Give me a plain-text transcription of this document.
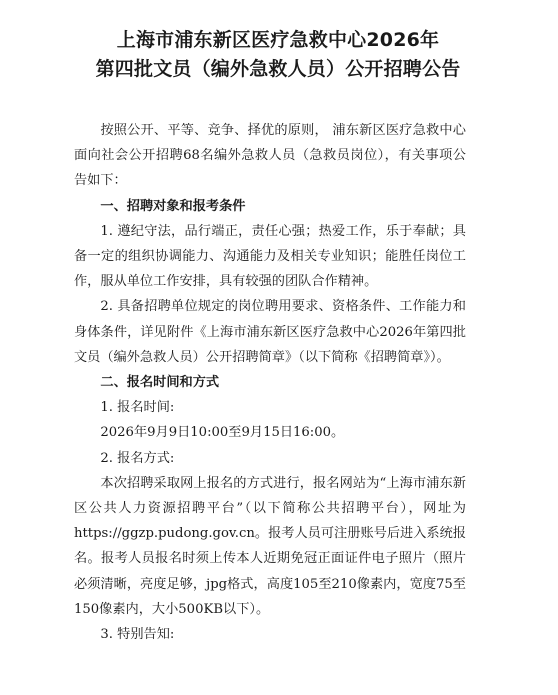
上海市浦东新区医疗急救中心2026年
第四批文员（编外急救人员）公开招聘公告

按照公开、平等、竞争、择优的原则， 浦东新区医疗急救中心面向社会公开招聘68名编外急救人员（急救员岗位），有关事项公告如下：

一、招聘对象和报考条件

1. 遵纪守法，品行端正，责任心强；热爱工作，乐于奉献；具备一定的组织协调能力、沟通能力及相关专业知识；能胜任岗位工作，服从单位工作安排，具有较强的团队合作精神。

2. 具备招聘单位规定的岗位聘用要求、资格条件、工作能力和身体条件，详见附件《上海市浦东新区医疗急救中心2026年第四批文员（编外急救人员）公开招聘简章》（以下简称《招聘简章》）。

二、报名时间和方式

1. 报名时间:

2026年9月9日10:00至9月15日16:00。

2. 报名方式:

本次招聘采取网上报名的方式进行，报名网站为“上海市浦东新区公共人力资源招聘平台”（以下简称公共招聘平台），网址为https://ggzp.pudong.gov.cn。报考人员可注册账号后进入系统报名。报考人员报名时须上传本人近期免冠正面证件电子照片（照片必须清晰，亮度足够，jpg格式，高度105至210像素内，宽度75至150像素内，大小500KB以下）。

3. 特别告知:
